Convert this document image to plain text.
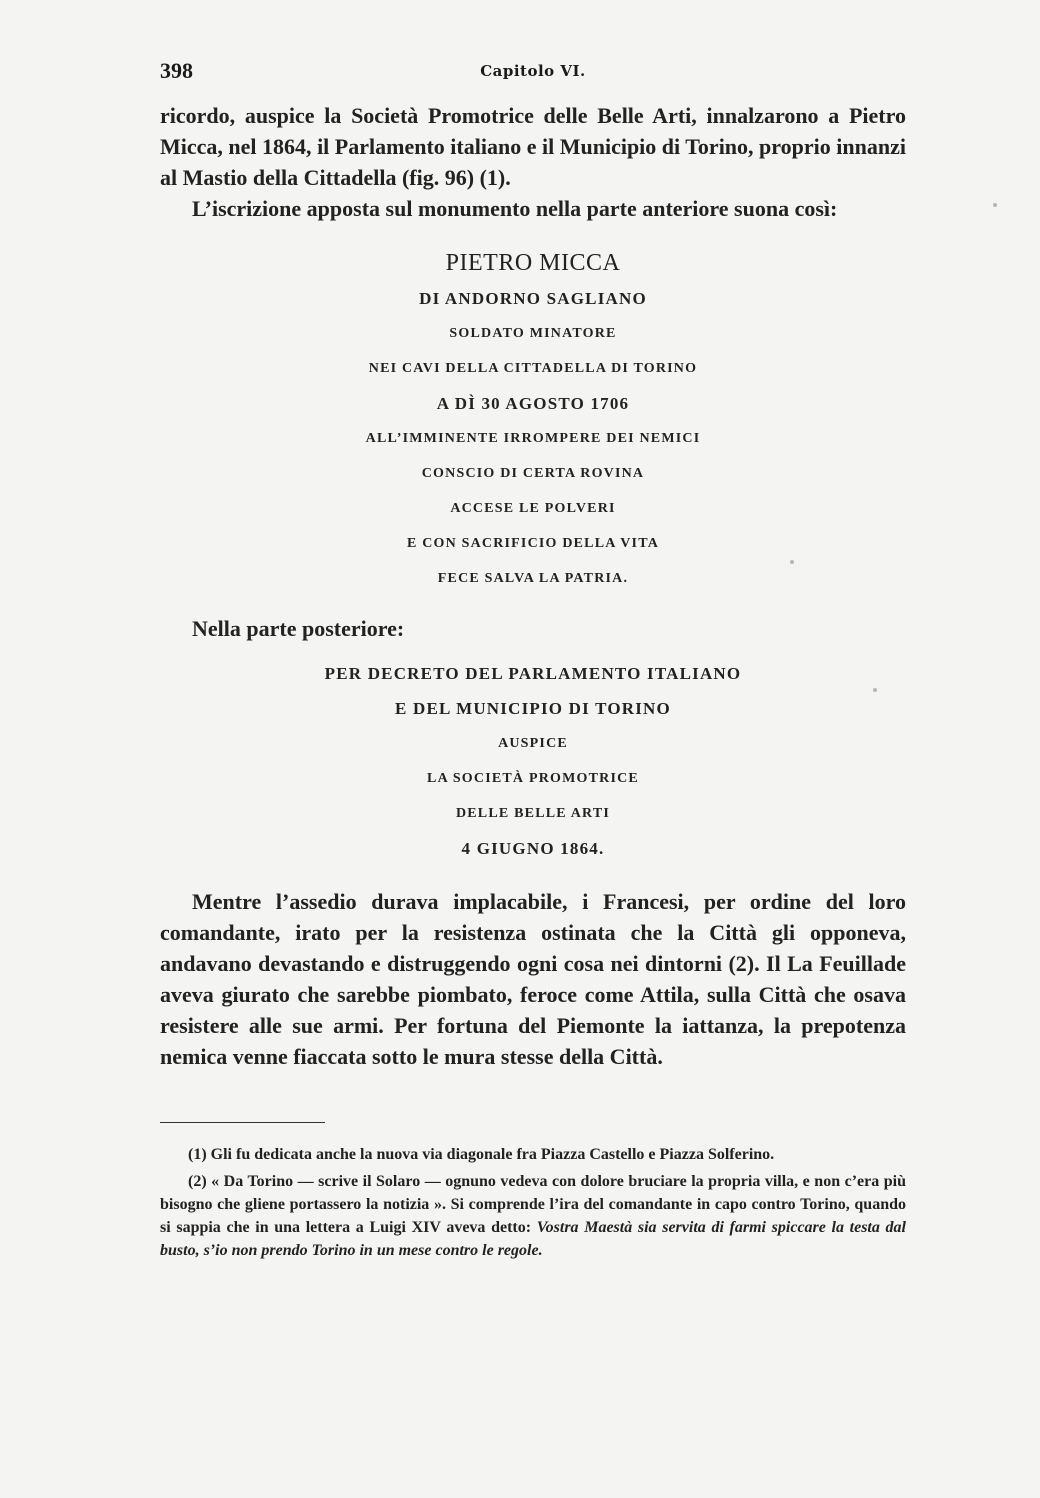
398	Capitolo VI.

ricordo, auspice la Società Promotrice delle Belle Arti, innalzarono a Pietro Micca, nel 1864, il Parlamento italiano e il Municipio di Torino, proprio innanzi al Mastio della Cittadella (fig. 96) (1).

L’iscrizione apposta sul monumento nella parte anteriore suona così:

PIETRO MICCA
DI ANDORNO SAGLIANO
SOLDATO MINATORE
NEI CAVI DELLA CITTADELLA DI TORINO
A DÌ 30 AGOSTO 1706
ALL’IMMINENTE IRROMPERE DEI NEMICI
CONSCIO DI CERTA ROVINA
ACCESE LE POLVERI
E CON SACRIFICIO DELLA VITA
FECE SALVA LA PATRIA.
Nella parte posteriore:
PER DECRETO DEL PARLAMENTO ITALIANO
E DEL MUNICIPIO DI TORINO
AUSPICE
LA SOCIETÀ PROMOTRICE
DELLE BELLE ARTI
4 GIUGNO 1864.

Mentre l’assedio durava implacabile, i Francesi, per ordine del loro comandante, irato per la resistenza ostinata che la Città gli opponeva, andavano devastando e distruggendo ogni cosa nei dintorni (2). Il La Feuillade aveva giurato che sarebbe piombato, feroce come Attila, sulla Città che osava resistere alle sue armi. Per fortuna del Piemonte la iattanza, la prepotenza nemica venne fiaccata sotto le mura stesse della Città.

(1) Gli fu dedicata anche la nuova via diagonale fra Piazza Castello e Piazza Solferino.

(2) « Da Torino — scrive il Solaro — ognuno vedeva con dolore bruciare la propria villa, e non c’era più bisogno che gliene portassero la notizia ». Si comprende l’ira del comandante in capo contro Torino, quando si sappia che in una lettera a Luigi XIV aveva detto: Vostra Maestà sia servita di farmi spiccare la testa dal busto, s’io non prendo Torino in un mese contro le regole.
